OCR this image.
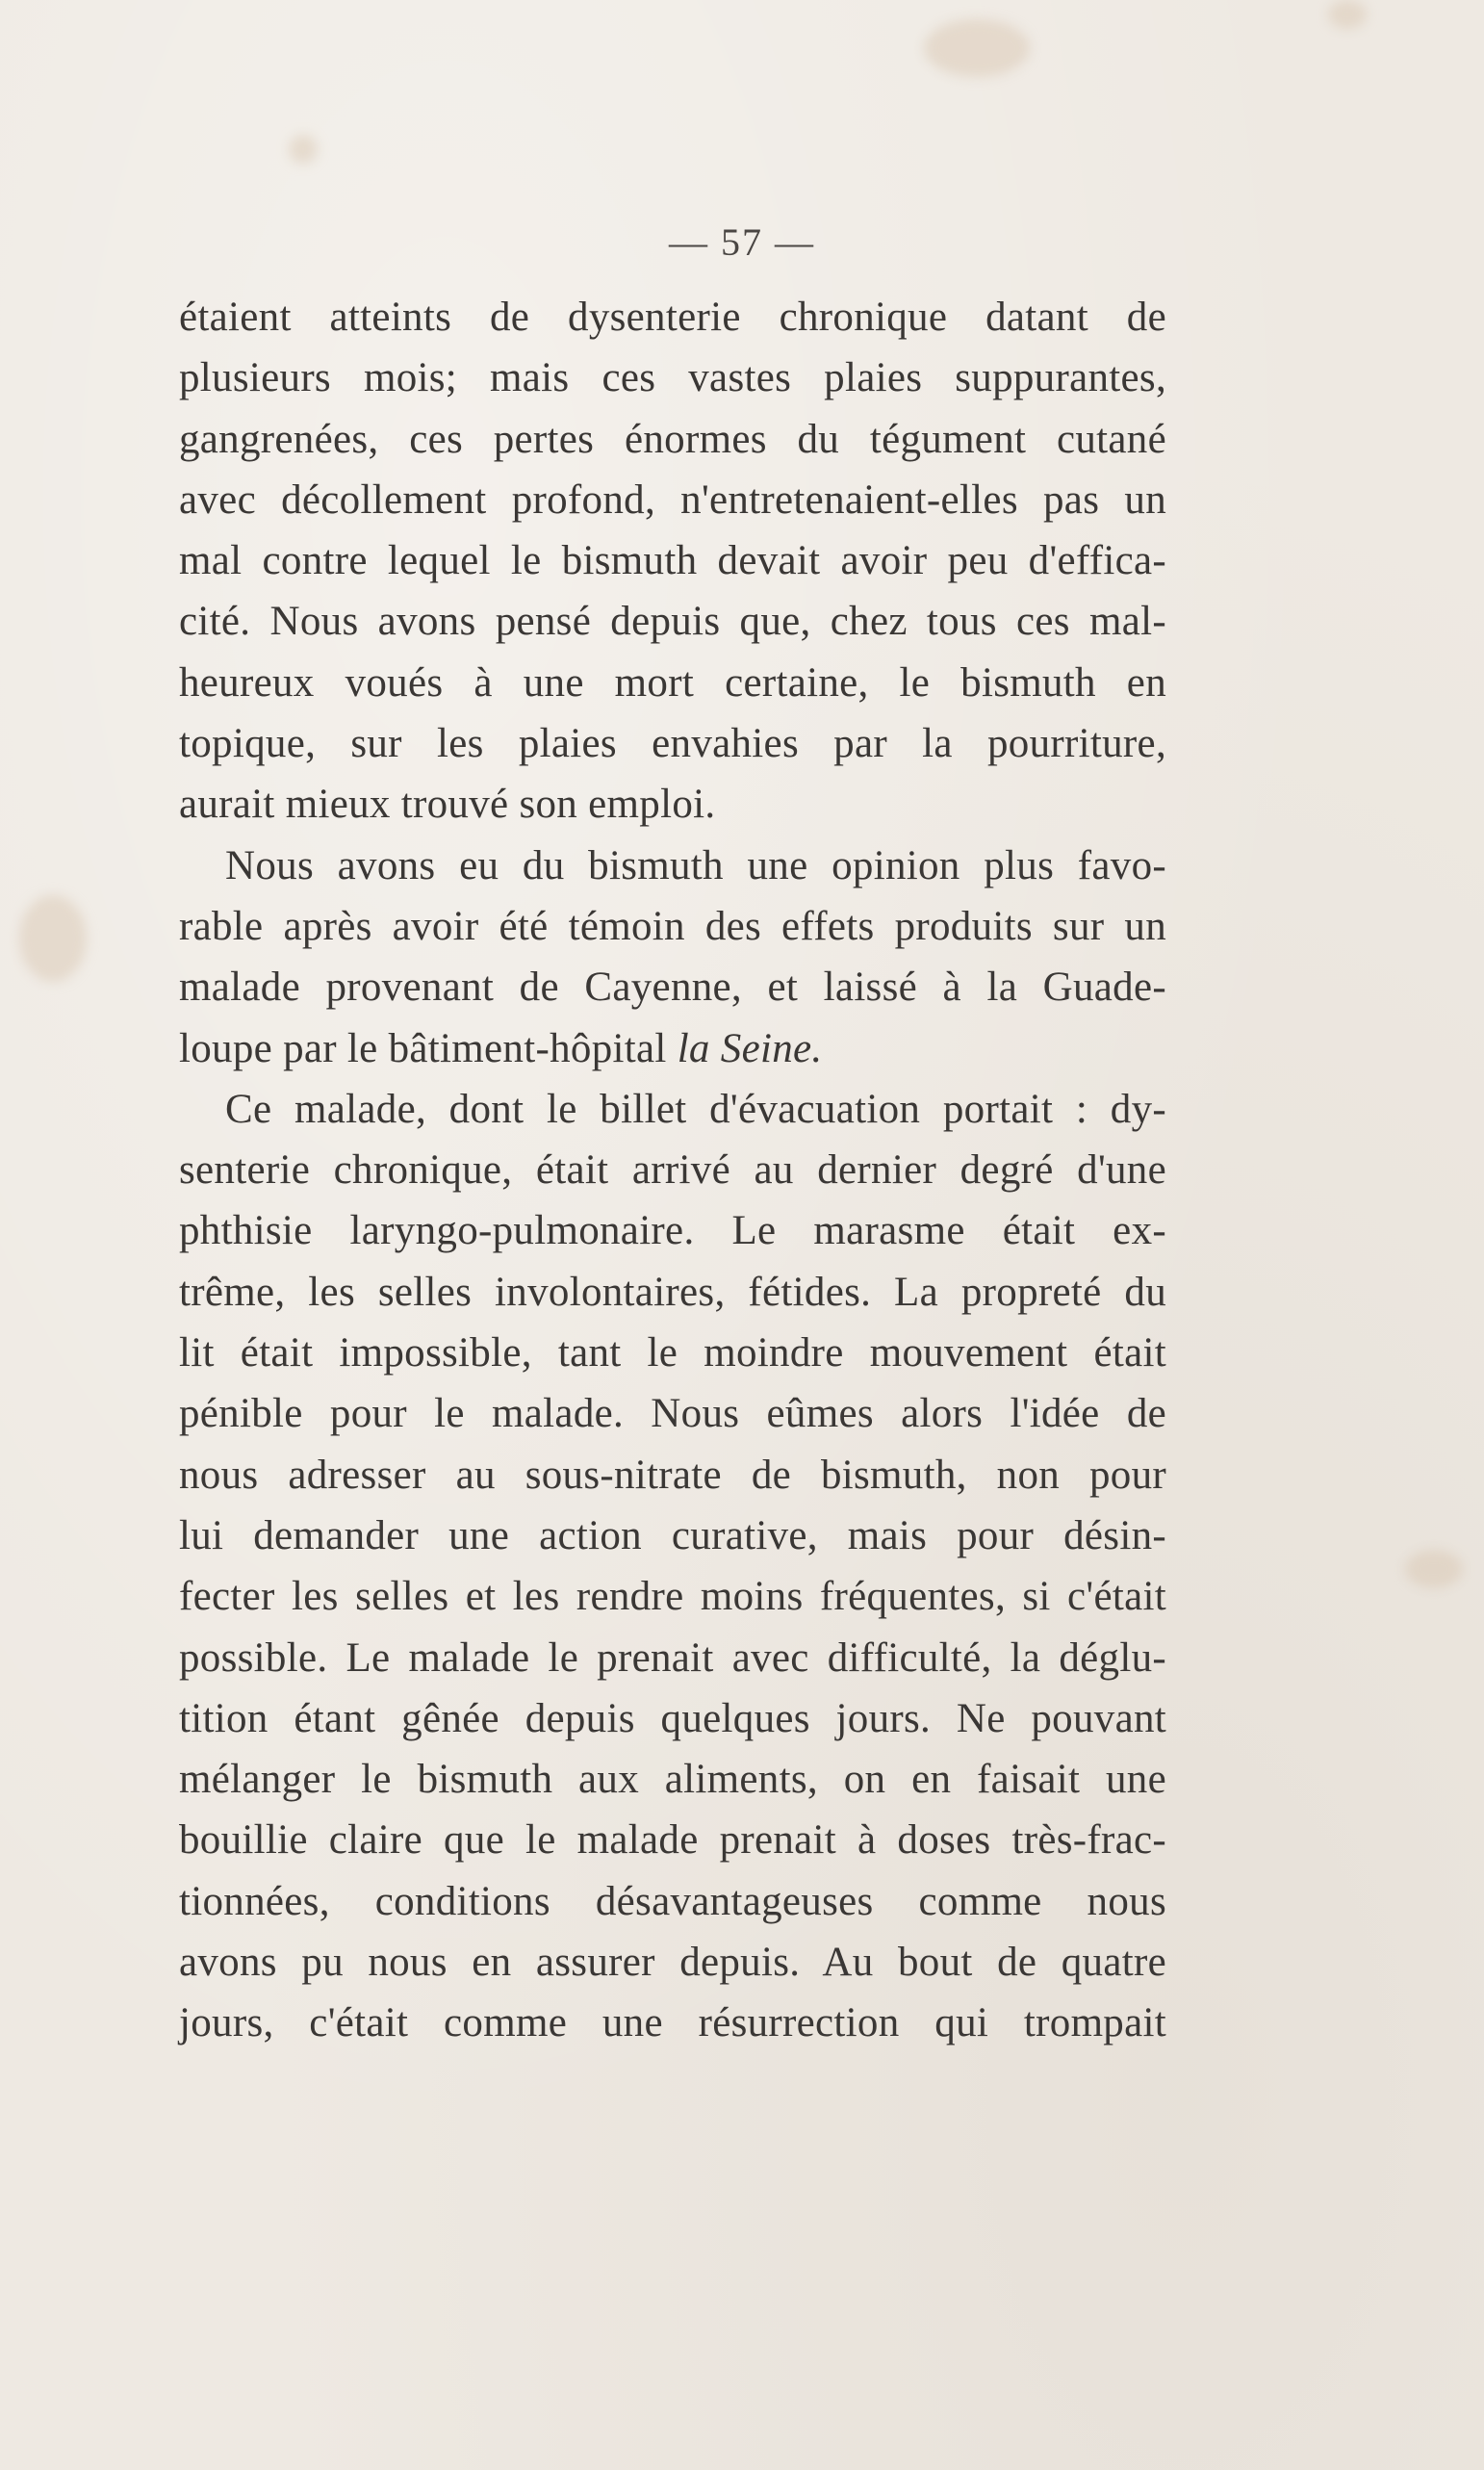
— 57 —
étaient atteints de dysenterie chronique datant de
plusieurs mois; mais ces vastes plaies suppurantes,
gangrenées, ces pertes énormes du tégument cutané
avec décollement profond, n'entretenaient-elles pas un
mal contre lequel le bismuth devait avoir peu d'effica-
cité. Nous avons pensé depuis que, chez tous ces mal-
heureux voués à une mort certaine, le bismuth en
topique, sur les plaies envahies par la pourriture,
aurait mieux trouvé son emploi.
Nous avons eu du bismuth une opinion plus favo-
rable après avoir été témoin des effets produits sur un
malade provenant de Cayenne, et laissé à la Guade-
loupe par le bâtiment-hôpital la Seine.
Ce malade, dont le billet d'évacuation portait : dy-
senterie chronique, était arrivé au dernier degré d'une
phthisie laryngo-pulmonaire. Le marasme était ex-
trême, les selles involontaires, fétides. La propreté du
lit était impossible, tant le moindre mouvement était
pénible pour le malade. Nous eûmes alors l'idée de
nous adresser au sous-nitrate de bismuth, non pour
lui demander une action curative, mais pour désin-
fecter les selles et les rendre moins fréquentes, si c'était
possible. Le malade le prenait avec difficulté, la déglu-
tition étant gênée depuis quelques jours. Ne pouvant
mélanger le bismuth aux aliments, on en faisait une
bouillie claire que le malade prenait à doses très-frac-
tionnées, conditions désavantageuses comme nous
avons pu nous en assurer depuis. Au bout de quatre
jours, c'était comme une résurrection qui trompait
